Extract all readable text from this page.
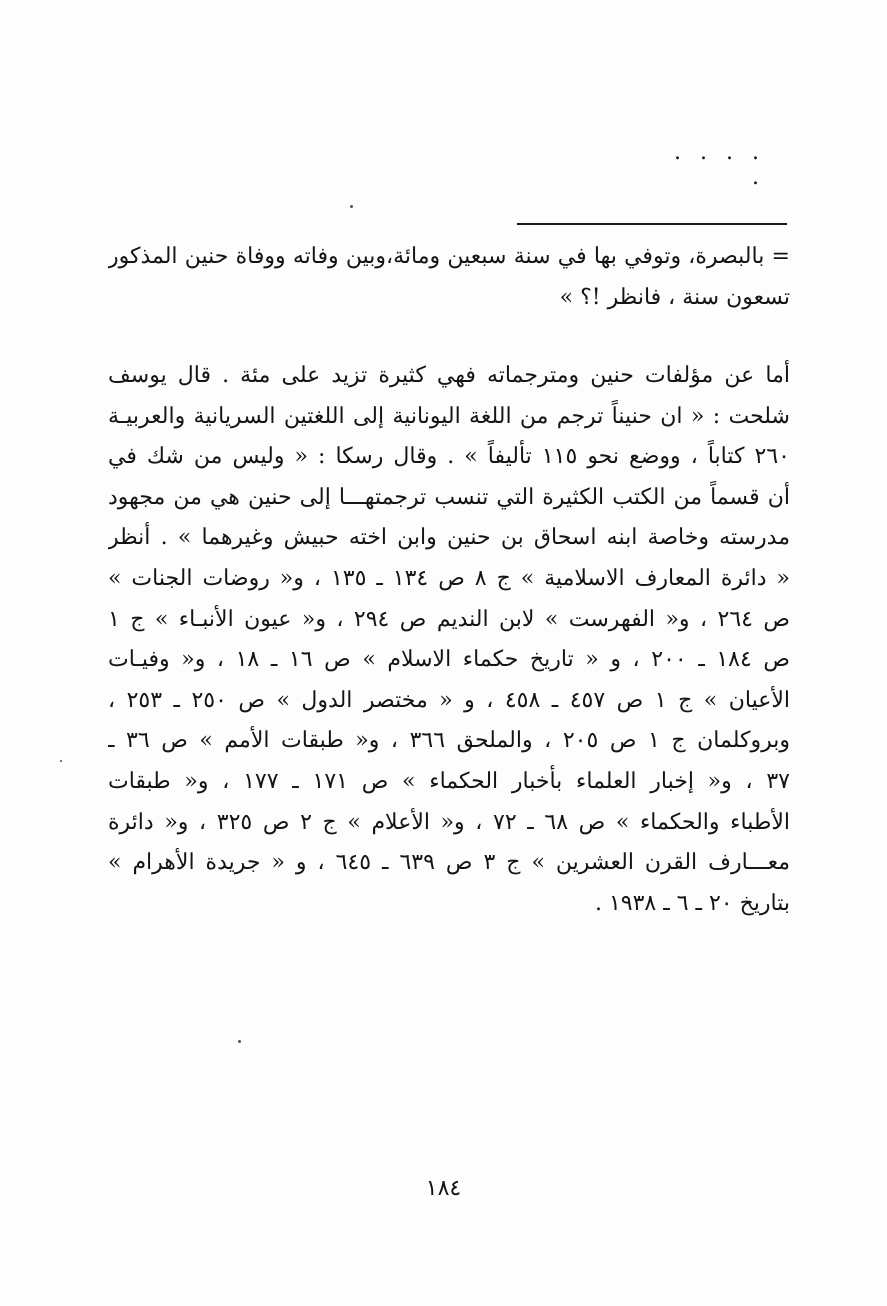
. . . . .
= بالبصرة، وتوفي بها في سنة سبعين ومائة،وبين وفاته ووفاة حنين المذكور
تسعون سنة ، فانظر !؟ »
أما عن مؤلفات حنين ومترجماته فهي كثيرة تزيد على مئة . قال يوسف
شلحت : « ان حنيناً ترجم من اللغة اليونانية إلى اللغتين السريانية والعربيـة
٢٦٠ كتاباً ، ووضع نحو ١١٥ تأليفاً » . وقال رسكا : « وليس من شك في
أن قسماً من الكتب الكثيرة التي تنسب ترجمتهـــا إلى حنين هي من مجهود
مدرسته وخاصة ابنه اسحاق بن حنين وابن اخته حبيش وغيرهما » . أنظر
« دائرة المعارف الاسلامية » ج ٨ ص ١٣٤ ـ ١٣٥ ، و« روضات الجنات »
ص ٢٦٤ ، و« الفهرست » لابن النديم ص ٢٩٤ ، و« عيون الأنبـاء » ج ١
ص ١٨٤ ـ ٢٠٠ ، و « تاريخ حكماء الاسلام » ص ١٦ ـ ١٨ ، و« وفيـات
الأعيان » ج ١ ص ٤٥٧ ـ ٤٥٨ ، و « مختصر الدول » ص ٢٥٠ ـ ٢٥٣ ،
وبروكلمان ج ١ ص ٢٠٥ ، والملحق ٣٦٦ ، و« طبقات الأمم » ص ٣٦ ـ
٣٧ ، و« إخبار العلماء بأخبار الحكماء » ص ١٧١ ـ ١٧٧ ، و« طبقات
الأطباء والحكماء » ص ٦٨ ـ ٧٢ ، و« الأعلام » ج ٢ ص ٣٢٥ ، و« دائرة
معـــارف القرن العشرين » ج ٣ ص ٦٣٩ ـ ٦٤٥ ، و « جريدة الأهرام »
بتاريخ ٢٠ ـ ٦ ـ ١٩٣٨ .
١٨٤
